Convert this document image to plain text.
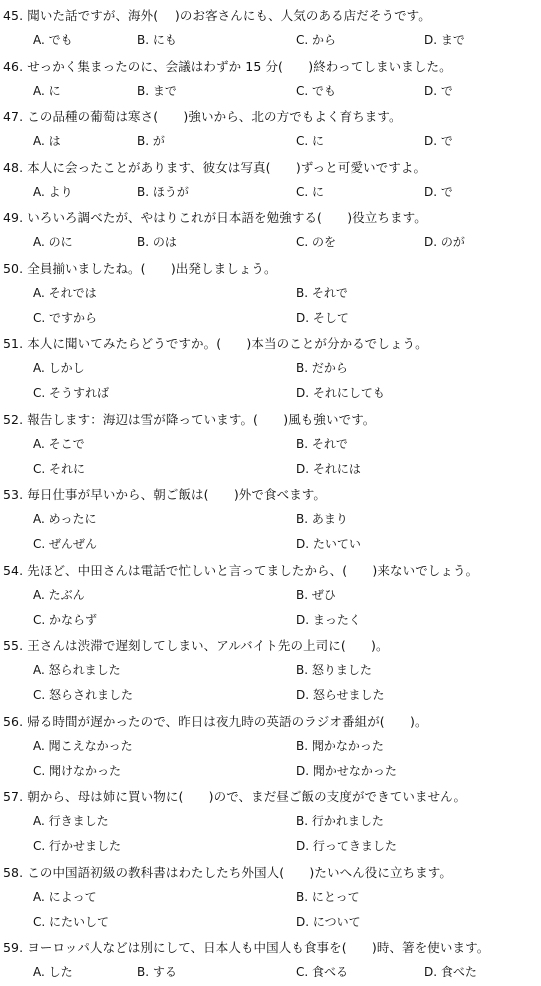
45. 聞いた話ですが、海外(　 )のお客さんにも、人気のある店だそうです。
A. でも	B. にも	C. から	D. まで
46. せっかく集まったのに、会議はわずか 15 分(　　)終わってしまいました。
A. に	B. まで	C. でも	D. で
47. この品種の葡萄は寒さ(　　)強いから、北の方でもよく育ちます。
A. は	B. が	C. に	D. で
48. 本人に会ったことがあります、彼女は写真(　　)ずっと可愛いですよ。
A. より	B. ほうが	C. に	D. で
49. いろいろ調べたが、やはりこれが日本語を勉強する(　　)役立ちます。
A. のに	B. のは	C. のを	D. のが
50. 全員揃いましたね。(　　)出発しましょう。
A. それでは	B. それで
C. ですから	D. そして
51. 本人に聞いてみたらどうですか。(　　)本当のことが分かるでしょう。
A. しかし	B. だから
C. そうすれば	D. それにしても
52. 報告します：海辺は雪が降っています。(　　)風も強いです。
A. そこで	B. それで
C. それに	D. それには
53. 毎日仕事が早いから、朝ご飯は(　　)外で食べます。
A. めったに	B. あまり
C. ぜんぜん	D. たいてい
54. 先ほど、中田さんは電話で忙しいと言ってましたから、(　　)来ないでしょう。
A. たぶん	B. ぜひ
C. かならず	D. まったく
55. 王さんは渋滞で遅刻してしまい、アルバイト先の上司に(　　)。
A. 怒られました	B. 怒りました
C. 怒らされました	D. 怒らせました
56. 帰る時間が遅かったので、昨日は夜九時の英語のラジオ番組が(　　)。
A. 聞こえなかった	B. 聞かなかった
C. 聞けなかった	D. 聞かせなかった
57. 朝から、母は姉に買い物に(　　)ので、まだ昼ご飯の支度ができていません。
A. 行きました	B. 行かれました
C. 行かせました	D. 行ってきました
58. この中国語初級の教科書はわたしたち外国人(　　)たいへん役に立ちます。
A. によって	B. にとって
C. にたいして	D. について
59. ヨーロッパ人などは別にして、日本人も中国人も食事を(　　)時、箸を使います。
A. した	B. する	C. 食べる	D. 食べた
